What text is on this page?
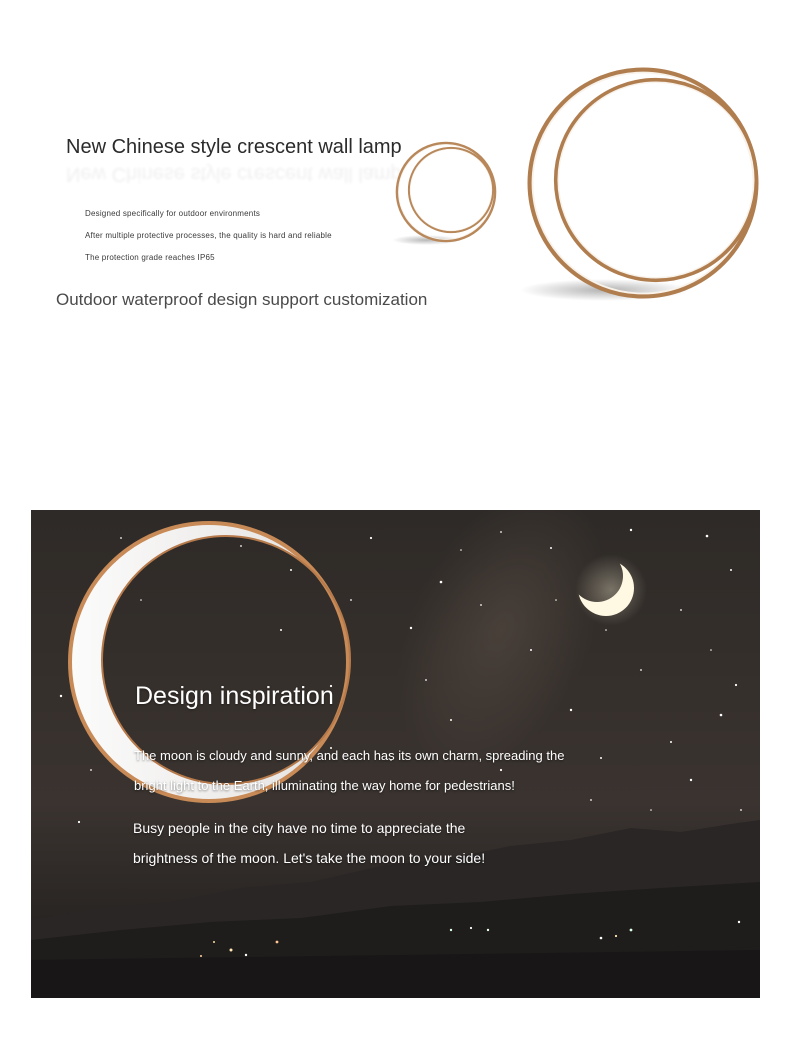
New Chinese style crescent wall lamp
New Chinese style crescent wall lamp
Designed specifically for outdoor environments
After multiple protective processes, the quality is hard and reliable
The protection grade reaches IP65
Outdoor waterproof design support customization
Design inspiration
The moon is cloudy and sunny, and each has its own charm, spreading the
bright light to the Earth, illuminating the way home for pedestrians!
Busy people in the city have no time to appreciate the
brightness of the moon. Let's take the moon to your side!
